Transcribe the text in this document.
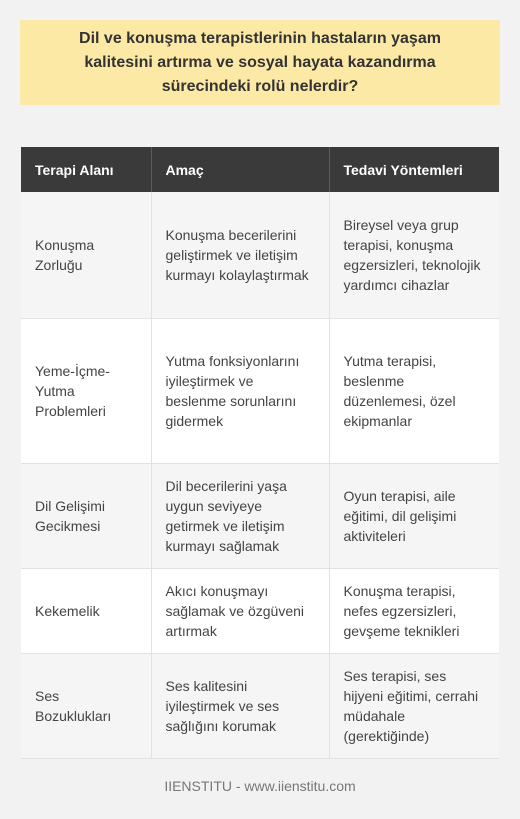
Dil ve konuşma terapistlerinin hastaların yaşam kalitesini artırma ve sosyal hayata kazandırma sürecindeki rolü nelerdir?
Terapi Alanı	Amaç	Tedavi Yöntemleri
Konuşma Zorluğu	Konuşma becerilerini geliştirmek ve iletişim kurmayı kolaylaştırmak	Bireysel veya grup terapisi, konuşma egzersizleri, teknolojik yardımcı cihazlar
Yeme-İçme-Yutma Problemleri	Yutma fonksiyonlarını iyileştirmek ve beslenme sorunlarını gidermek	Yutma terapisi, beslenme düzenlemesi, özel ekipmanlar
Dil Gelişimi Gecikmesi	Dil becerilerini yaşa uygun seviyeye getirmek ve iletişim kurmayı sağlamak	Oyun terapisi, aile eğitimi, dil gelişimi aktiviteleri
Kekemelik	Akıcı konuşmayı sağlamak ve özgüveni artırmak	Konuşma terapisi, nefes egzersizleri, gevşeme teknikleri
Ses Bozuklukları	Ses kalitesini iyileştirmek ve ses sağlığını korumak	Ses terapisi, ses hijyeni eğitimi, cerrahi müdahale (gerektiğinde)
IIENSTITU - www.iienstitu.com
